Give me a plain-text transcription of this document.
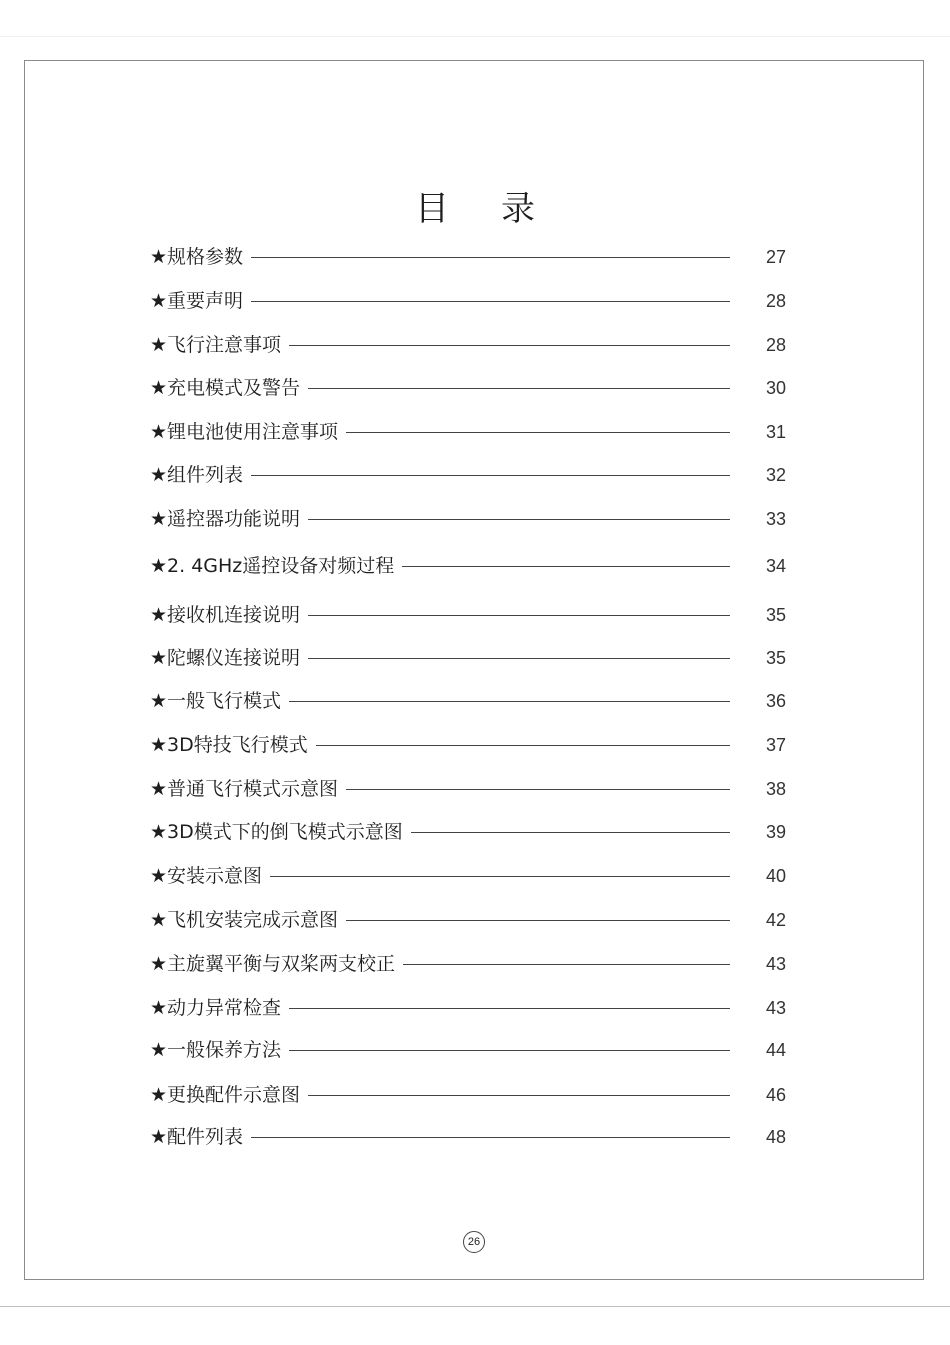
目录
★规格参数	27
★重要声明	28
★飞行注意事项	28
★充电模式及警告	30
★锂电池使用注意事项	31
★组件列表	32
★遥控器功能说明	33
★2. 4GHz遥控设备对频过程	34
★接收机连接说明	35
★陀螺仪连接说明	35
★一般飞行模式	36
★3D特技飞行模式	37
★普通飞行模式示意图	38
★3D模式下的倒飞模式示意图	39
★安装示意图	40
★飞机安装完成示意图	42
★主旋翼平衡与双桨两支校正	43
★动力异常检查	43
★一般保养方法	44
★更换配件示意图	46
★配件列表	48
26
